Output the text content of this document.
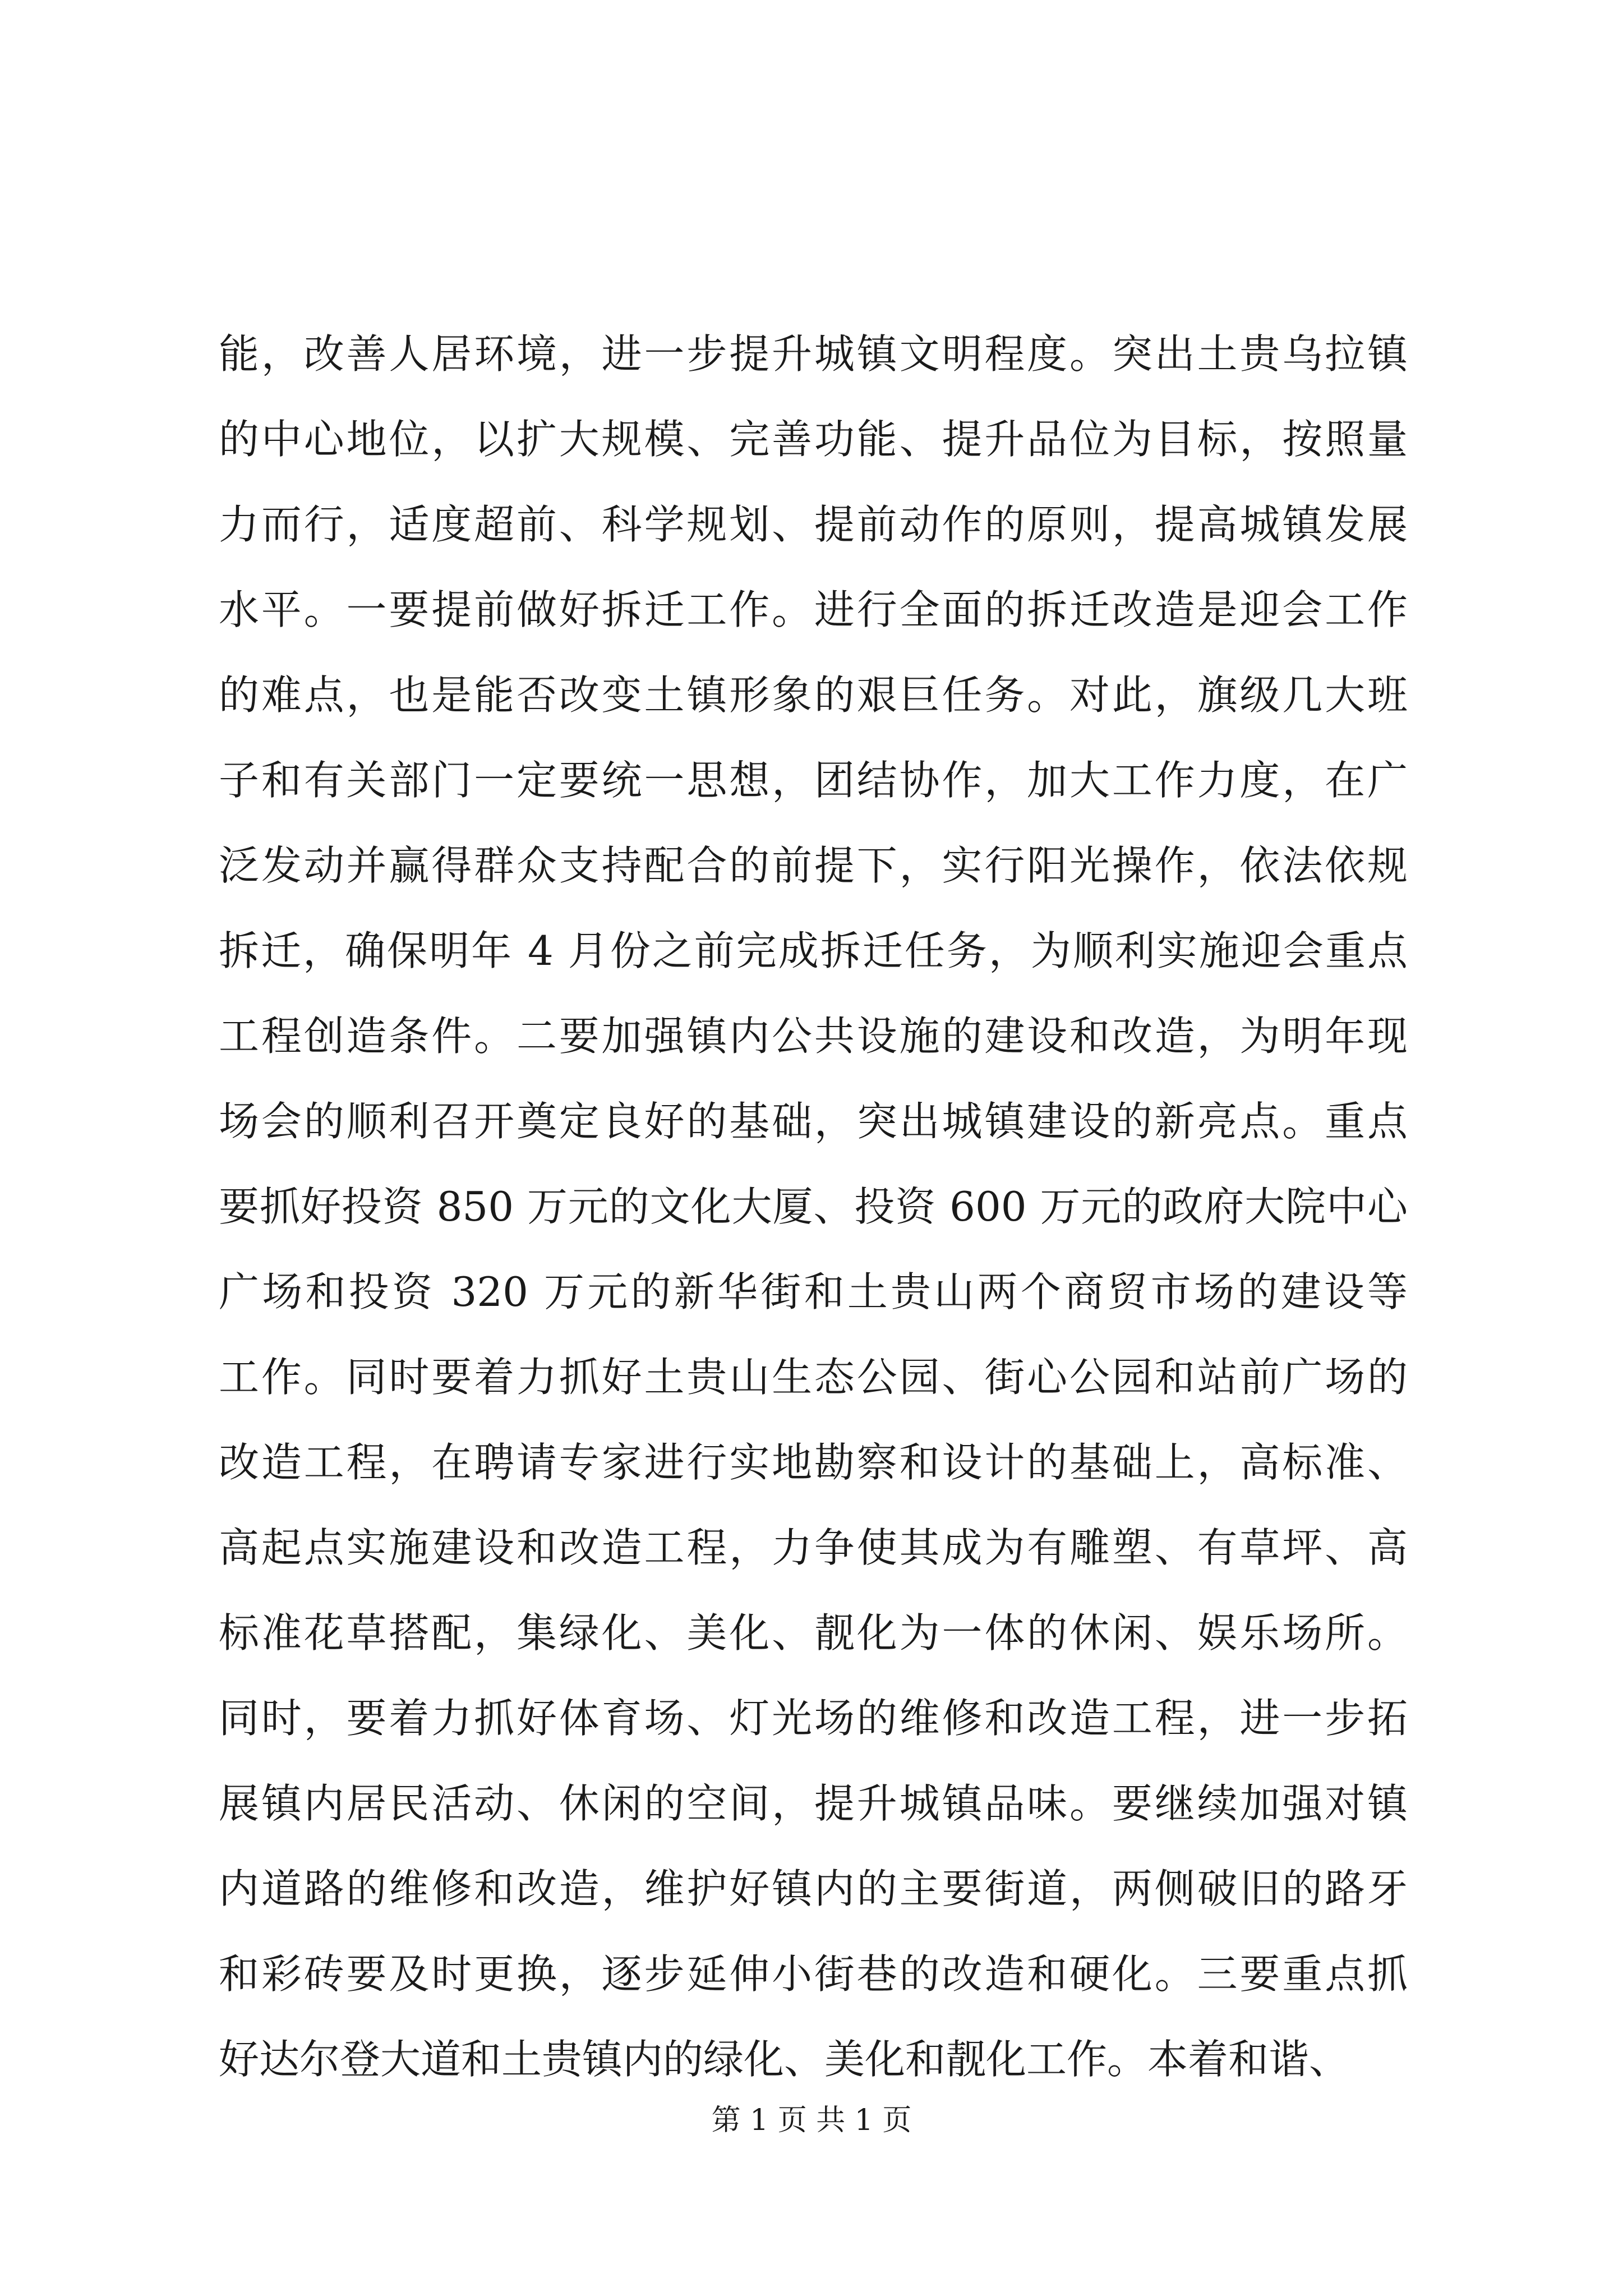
能，改善人居环境，进一步提升城镇文明程度。突出土贵乌拉镇
的中心地位，以扩大规模、完善功能、提升品位为目标，按照量
力而行，适度超前、科学规划、提前动作的原则，提高城镇发展
水平。一要提前做好拆迁工作。进行全面的拆迁改造是迎会工作
的难点，也是能否改变土镇形象的艰巨任务。对此，旗级几大班
子和有关部门一定要统一思想，团结协作，加大工作力度，在广
泛发动并赢得群众支持配合的前提下，实行阳光操作，依法依规
拆迁，确保明年 4 月份之前完成拆迁任务，为顺利实施迎会重点
工程创造条件。二要加强镇内公共设施的建设和改造，为明年现
场会的顺利召开奠定良好的基础，突出城镇建设的新亮点。重点
要抓好投资 850 万元的文化大厦、投资 600 万元的政府大院中心
广场和投资 320 万元的新华街和土贵山两个商贸市场的建设等
工作。同时要着力抓好土贵山生态公园、街心公园和站前广场的
改造工程，在聘请专家进行实地勘察和设计的基础上，高标准、
高起点实施建设和改造工程，力争使其成为有雕塑、有草坪、高
标准花草搭配，集绿化、美化、靓化为一体的休闲、娱乐场所。
同时，要着力抓好体育场、灯光场的维修和改造工程，进一步拓
展镇内居民活动、休闲的空间，提升城镇品味。要继续加强对镇
内道路的维修和改造，维护好镇内的主要街道，两侧破旧的路牙
和彩砖要及时更换，逐步延伸小街巷的改造和硬化。三要重点抓
好达尔登大道和土贵镇内的绿化、美化和靓化工作。本着和谐、
第 1 页 共 1 页
